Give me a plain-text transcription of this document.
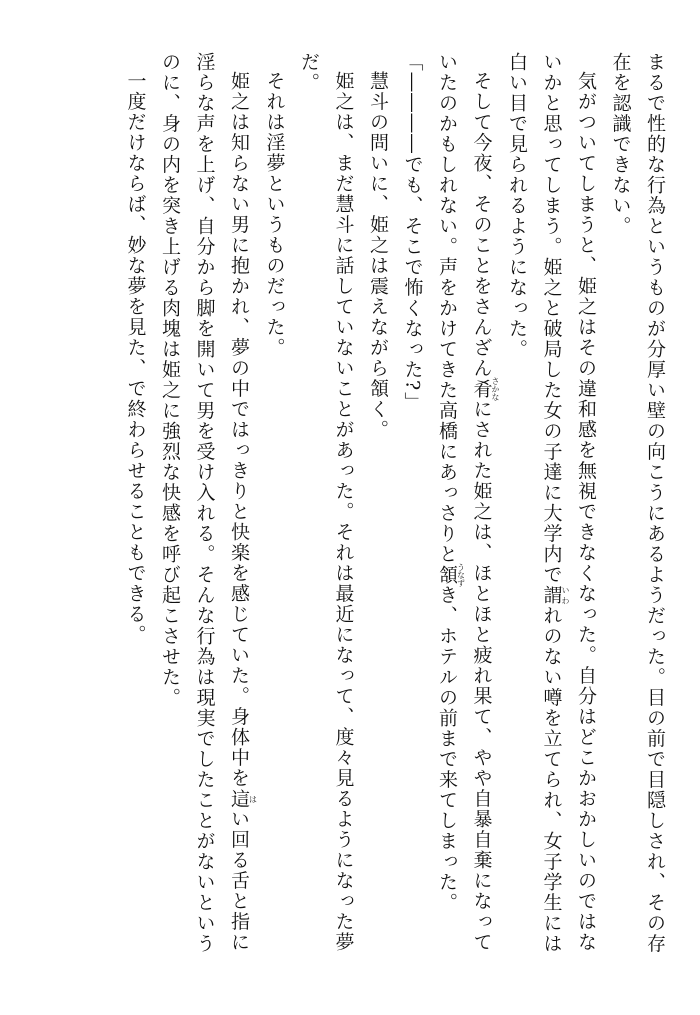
まるで性的な行為というものが分厚い壁の向こうにあるようだった。目の前で目隠しされ、その存在を認識できない。

気がついてしまうと、姫之はその違和感を無視できなくなった。自分はどこかおかしいのではないかと思ってしまう。姫之と破局した女の子達に大学内で謂いわれのない噂を立てられ、女子学生には白い目で見られるようになった。

そして今夜、そのことをさんざん肴さかなにされた姫之は、ほとほと疲れ果て、やや自暴自棄になっていたのかもしれない。声をかけてきた高橋にあっさりと頷うなずき、ホテルの前まで来てしまった。

「――――でも、そこで怖くなった?」

慧斗の問いに、姫之は震えながら頷く。

姫之は、まだ慧斗に話していないことがあった。それは最近になって、度々見るようになった夢だ。

それは淫夢というものだった。

姫之は知らない男に抱かれ、夢の中ではっきりと快楽を感じていた。身体中を這はい回る舌と指に淫らな声を上げ、自分から脚を開いて男を受け入れる。そんな行為は現実でしたことがないというのに、身の内を突き上げる肉塊は姫之に強烈な快感を呼び起こさせた。

一度だけならば、妙な夢を見た、で終わらせることもできる。
